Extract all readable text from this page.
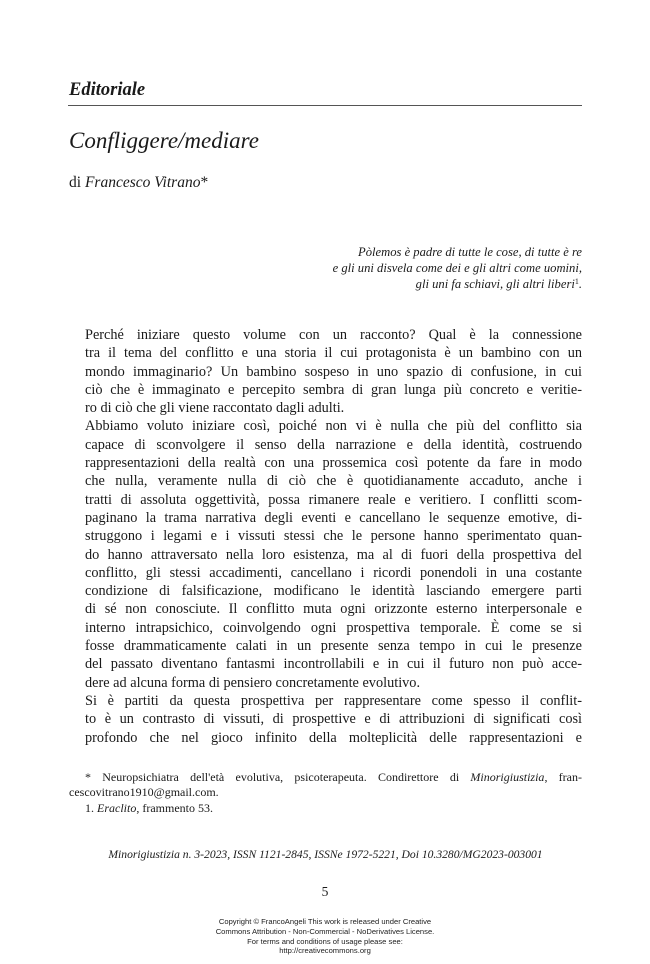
Editoriale
Confliggere/mediare
di Francesco Vitrano*
Pòlemos è padre di tutte le cose, di tutte è re
e gli uni disvela come dei e gli altri come uomini,
gli uni fa schiavi, gli altri liberi$^1$.

Perché iniziare questo volume con un racconto? Qual è la connessione
tra il tema del conflitto e una storia il cui protagonista è un bambino con un
mondo immaginario? Un bambino sospeso in uno spazio di confusione, in cui
ciò che è immaginato e percepito sembra di gran lunga più concreto e veritie-
ro di ciò che gli viene raccontato dagli adulti.

Abbiamo voluto iniziare così, poiché non vi è nulla che più del conflitto sia
capace di sconvolgere il senso della narrazione e della identità, costruendo
rappresentazioni della realtà con una prossemica così potente da fare in modo
che nulla, veramente nulla di ciò che è quotidianamente accaduto, anche i
tratti di assoluta oggettività, possa rimanere reale e veritiero. I conflitti scom-
paginano la trama narrativa degli eventi e cancellano le sequenze emotive, di-
struggono i legami e i vissuti stessi che le persone hanno sperimentato quan-
do hanno attraversato nella loro esistenza, ma al di fuori della prospettiva del
conflitto, gli stessi accadimenti, cancellano i ricordi ponendoli in una costante
condizione di falsificazione, modificano le identità lasciando emergere parti
di sé non conosciute. Il conflitto muta ogni orizzonte esterno interpersonale e
interno intrapsichico, coinvolgendo ogni prospettiva temporale. È come se si
fosse drammaticamente calati in un presente senza tempo in cui le presenze
del passato diventano fantasmi incontrollabili e in cui il futuro non può acce-
dere ad alcuna forma di pensiero concretamente evolutivo.

Si è partiti da questa prospettiva per rappresentare come spesso il conflit-
to è un contrasto di vissuti, di prospettive e di attribuzioni di significati così
profondo che nel gioco infinito della molteplicità delle rappresentazioni e

* Neuropsichiatra dell'età evolutiva, psicoterapeuta. Condirettore di Minorigiustizia, fran-
cescovitrano1910@gmail.com.

1. Eraclito, frammento 53.

Minorigiustizia n. 3-2023, ISSN 1121-2845, ISSNe 1972-5221, Doi 10.3280/MG2023-003001
5
Copyright © FrancoAngeli This work is released under Creative
Commons Attribution - Non-Commercial - NoDerivatives License.
For terms and conditions of usage please see:
http://creativecommons.org
